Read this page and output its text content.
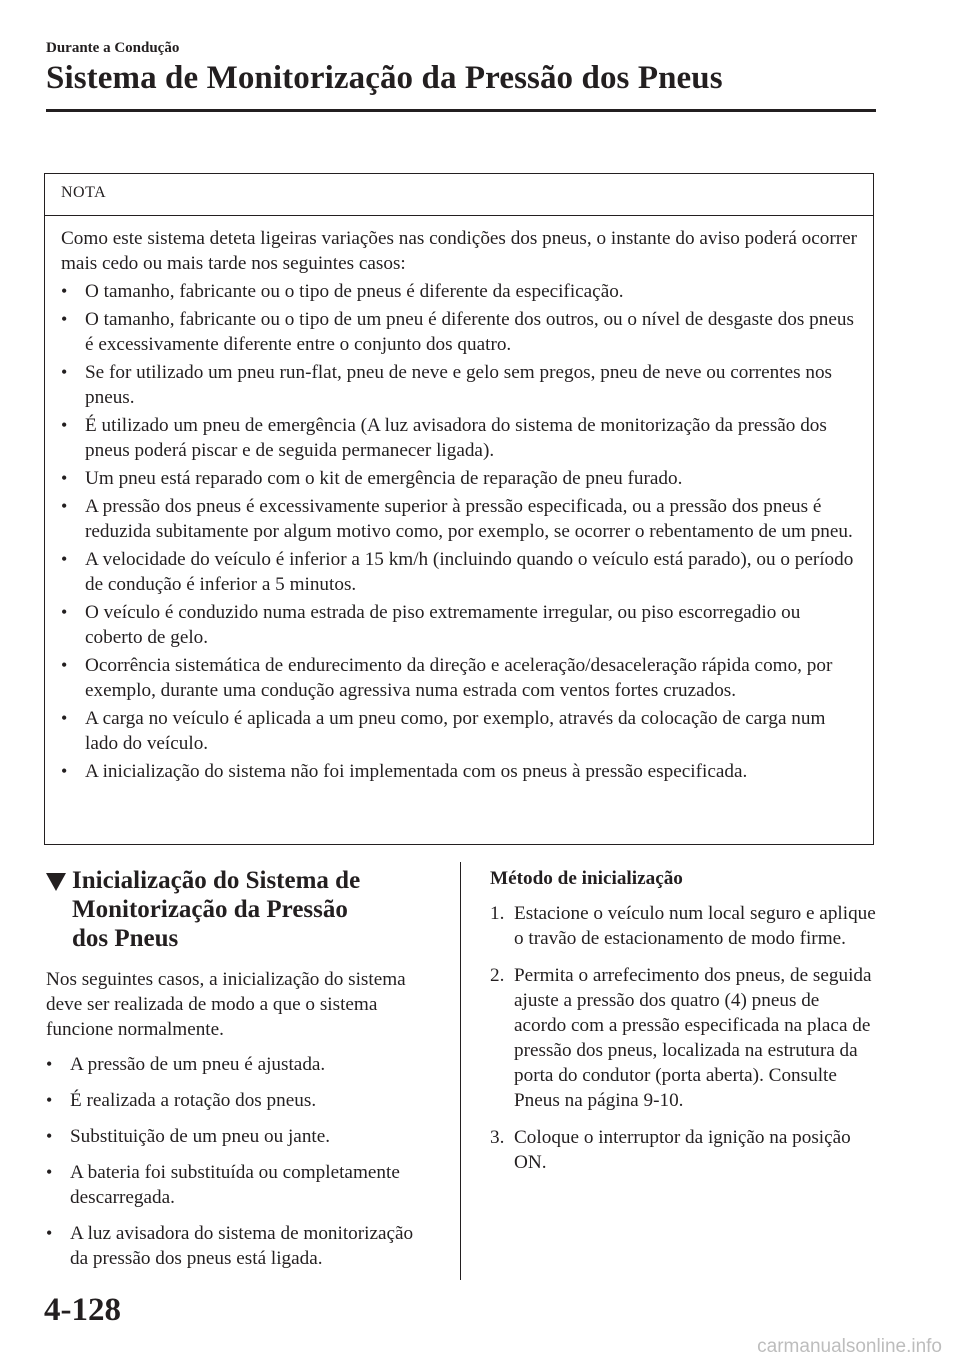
Durante a Condução
Sistema de Monitorização da Pressão dos Pneus
NOTA

Como este sistema deteta ligeiras variações nas condições dos pneus, o instante do aviso poderá ocorrer mais cedo ou mais tarde nos seguintes casos:

• O tamanho, fabricante ou o tipo de pneus é diferente da especificação.
• O tamanho, fabricante ou o tipo de um pneu é diferente dos outros, ou o nível de desgaste dos pneus é excessivamente diferente entre o conjunto dos quatro.
• Se for utilizado um pneu run-flat, pneu de neve e gelo sem pregos, pneu de neve ou correntes nos pneus.
• É utilizado um pneu de emergência (A luz avisadora do sistema de monitorização da pressão dos pneus poderá piscar e de seguida permanecer ligada).
• Um pneu está reparado com o kit de emergência de reparação de pneu furado.
• A pressão dos pneus é excessivamente superior à pressão especificada, ou a pressão dos pneus é reduzida subitamente por algum motivo como, por exemplo, se ocorrer o rebentamento de um pneu.
• A velocidade do veículo é inferior a 15 km/h (incluindo quando o veículo está parado), ou o período de condução é inferior a 5 minutos.
• O veículo é conduzido numa estrada de piso extremamente irregular, ou piso escorregadio ou coberto de gelo.
• Ocorrência sistemática de endurecimento da direção e aceleração/desaceleração rápida como, por exemplo, durante uma condução agressiva numa estrada com ventos fortes cruzados.
• A carga no veículo é aplicada a um pneu como, por exemplo, através da colocação de carga num lado do veículo.
• A inicialização do sistema não foi implementada com os pneus à pressão especificada.
Inicialização do Sistema de
Monitorização da Pressão
dos Pneus

Nos seguintes casos, a inicialização do sistema deve ser realizada de modo a que o sistema funcione normalmente.

• A pressão de um pneu é ajustada.
• É realizada a rotação dos pneus.
• Substituição de um pneu ou jante.
• A bateria foi substituída ou completamente descarregada.
• A luz avisadora do sistema de monitorização da pressão dos pneus está ligada.
Método de inicialização
1. Estacione o veículo num local seguro e aplique o travão de estacionamento de modo firme.
2. Permita o arrefecimento dos pneus, de seguida ajuste a pressão dos quatro (4) pneus de acordo com a pressão especificada na placa de pressão dos pneus, localizada na estrutura da porta do condutor (porta aberta). Consulte Pneus na página 9-10.
3. Coloque o interruptor da ignição na posição ON.
4-128
carmanualsonline.info
